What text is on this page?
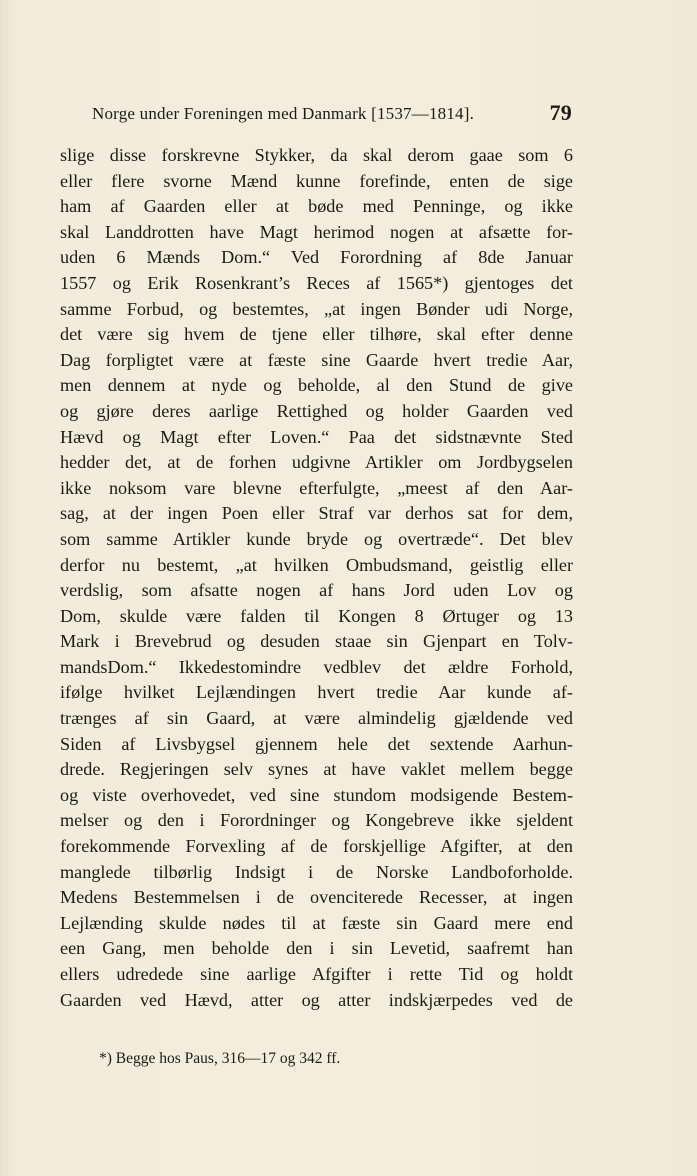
Norge under Foreningen med Danmark [1537—1814].	79
slige disse forskrevne Stykker, da skal derom gaae som 6
eller flere svorne Mænd kunne forefinde, enten de sige
ham af Gaarden eller at bøde med Penninge, og ikke
skal Landdrotten have Magt herimod nogen at afsætte for-
uden 6 Mænds Dom.“ Ved Forordning af 8de Januar
1557 og Erik Rosenkrant’s Reces af 1565*) gjentoges det
samme Forbud, og bestemtes, „at ingen Bønder udi Norge,
det være sig hvem de tjene eller tilhøre, skal efter denne
Dag forpligtet være at fæste sine Gaarde hvert tredie Aar,
men dennem at nyde og beholde, al den Stund de give
og gjøre deres aarlige Rettighed og holder Gaarden ved
Hævd og Magt efter Loven.“ Paa det sidstnævnte Sted
hedder det, at de forhen udgivne Artikler om Jordbygselen
ikke noksom vare blevne efterfulgte, „meest af den Aar-
sag, at der ingen Poen eller Straf var derhos sat for dem,
som samme Artikler kunde bryde og overtræde“. Det blev
derfor nu bestemt, „at hvilken Ombudsmand, geistlig eller
verdslig, som afsatte nogen af hans Jord uden Lov og
Dom, skulde være falden til Kongen 8 Ørtuger og 13
Mark i Brevebrud og desuden staae sin Gjenpart en Tolv-
mandsDom.“ Ikkedestomindre vedblev det ældre Forhold,
ifølge hvilket Lejlændingen hvert tredie Aar kunde af-
trænges af sin Gaard, at være almindelig gjældende ved
Siden af Livsbygsel gjennem hele det sextende Aarhun-
drede. Regjeringen selv synes at have vaklet mellem begge
og viste overhovedet, ved sine stundom modsigende Bestem-
melser og den i Forordninger og Kongebreve ikke sjeldent
forekommende Forvexling af de forskjellige Afgifter, at den
manglede tilbørlig Indsigt i de Norske Landboforholde.
Medens Bestemmelsen i de ovenciterede Recesser, at ingen
Lejlænding skulde nødes til at fæste sin Gaard mere end
een Gang, men beholde den i sin Levetid, saafremt han
ellers udredede sine aarlige Afgifter i rette Tid og holdt
Gaarden ved Hævd, atter og atter indskjærpedes ved de
*) Begge hos Paus, 316—17 og 342 ff.
